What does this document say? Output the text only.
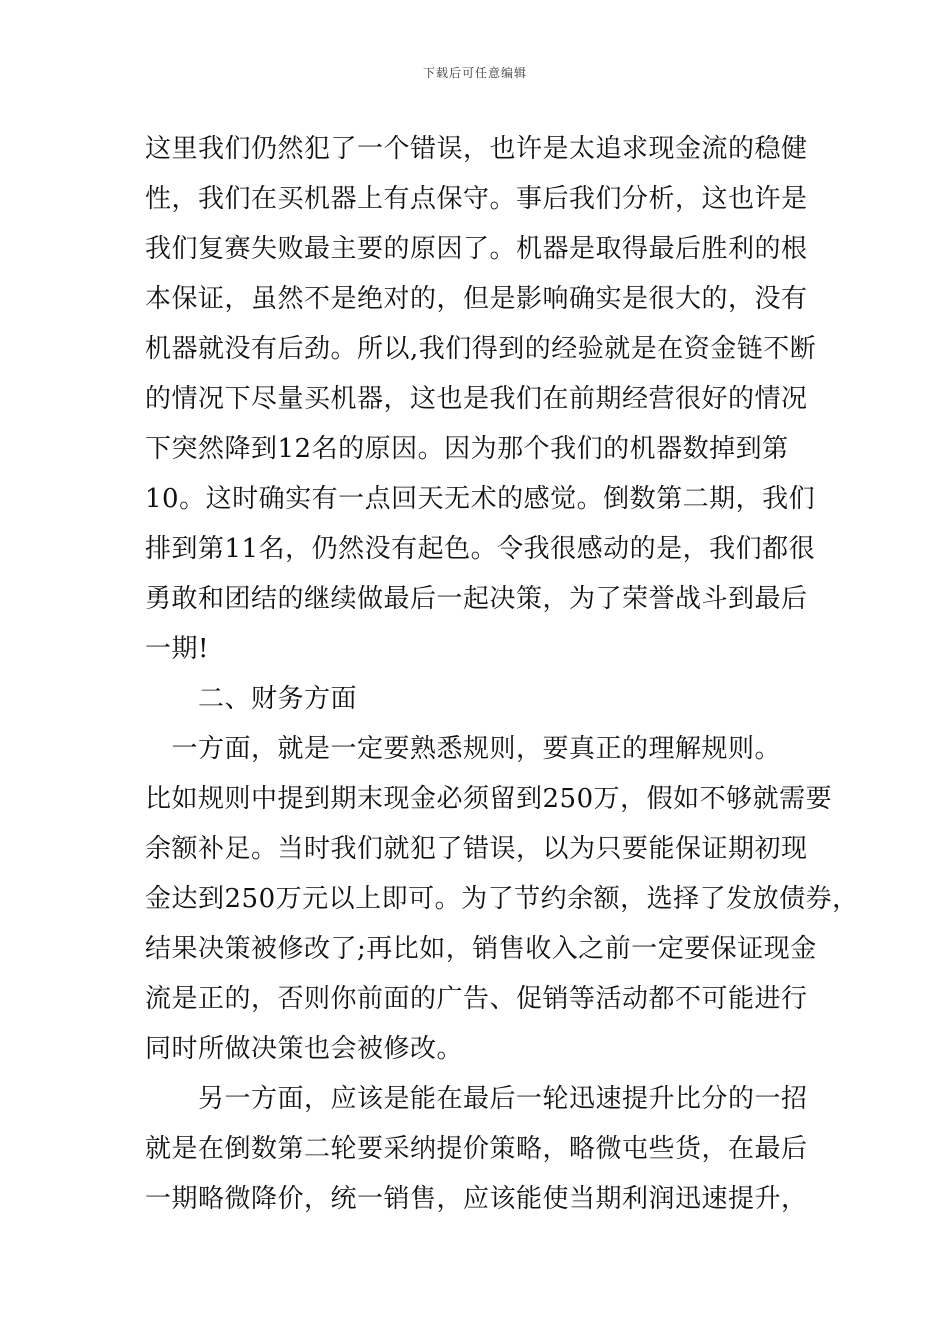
下载后可任意编辑
这里我们仍然犯了一个错误，也许是太追求现金流的稳健
性，我们在买机器上有点保守。事后我们分析，这也许是
我们复赛失败最主要的原因了。机器是取得最后胜利的根
本保证，虽然不是绝对的，但是影响确实是很大的，没有
机器就没有后劲。所以,我们得到的经验就是在资金链不断
的情况下尽量买机器，这也是我们在前期经营很好的情况
下突然降到12名的原因。因为那个我们的机器数掉到第
10。这时确实有一点回天无术的感觉。倒数第二期，我们
排到第11名，仍然没有起色。令我很感动的是，我们都很
勇敢和团结的继续做最后一起决策，为了荣誉战斗到最后
一期!
　　二、财务方面
　一方面，就是一定要熟悉规则，要真正的理解规则。
比如规则中提到期末现金必须留到250万，假如不够就需要
余额补足。当时我们就犯了错误，以为只要能保证期初现
金达到250万元以上即可。为了节约余额，选择了发放债券，
结果决策被修改了;再比如，销售收入之前一定要保证现金
流是正的，否则你前面的广告、促销等活动都不可能进行
同时所做决策也会被修改。
　　另一方面，应该是能在最后一轮迅速提升比分的一招
就是在倒数第二轮要采纳提价策略，略微屯些货，在最后
一期略微降价，统一销售，应该能使当期利润迅速提升，
